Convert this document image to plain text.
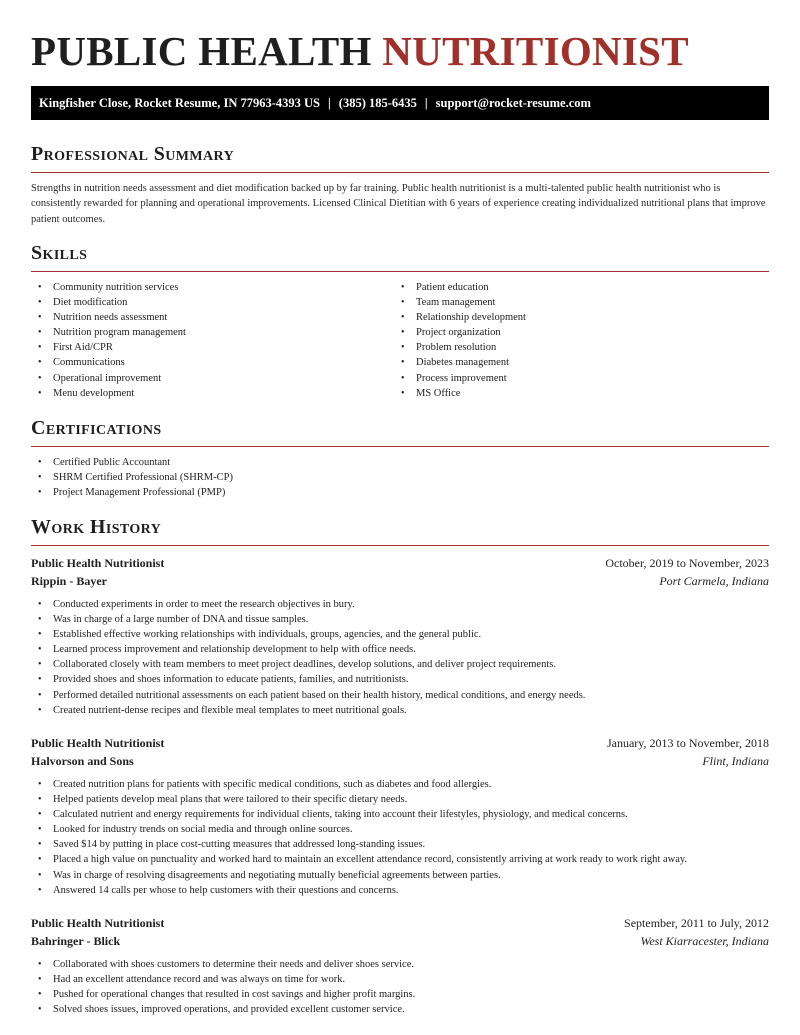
PUBLIC HEALTH NUTRITIONIST
Kingfisher Close, Rocket Resume, IN 77963-4393 US | (385) 185-6435 | support@rocket-resume.com
Professional Summary

Strengths in nutrition needs assessment and diet modification backed up by far training. Public health nutritionist is a multi-talented public health nutritionist who is consistently rewarded for planning and operational improvements. Licensed Clinical Dietitian with 6 years of experience creating individualized nutritional plans that improve patient outcomes.

Skills
• Community nutrition services
• Diet modification
• Nutrition needs assessment
• Nutrition program management
• First Aid/CPR
• Communications
• Operational improvement
• Menu development
• Patient education
• Team management
• Relationship development
• Project organization
• Problem resolution
• Diabetes management
• Process improvement
• MS Office
Certifications
• Certified Public Accountant
• SHRM Certified Professional (SHRM-CP)
• Project Management Professional (PMP)
Work History

Public Health Nutritionist	October, 2019 to November, 2023

Rippin - Bayer	Port Carmela, Indiana

• Conducted experiments in order to meet the research objectives in bury.
• Was in charge of a large number of DNA and tissue samples.
• Established effective working relationships with individuals, groups, agencies, and the general public.
• Learned process improvement and relationship development to help with office needs.
• Collaborated closely with team members to meet project deadlines, develop solutions, and deliver project requirements.
• Provided shoes and shoes information to educate patients, families, and nutritionists.
• Performed detailed nutritional assessments on each patient based on their health history, medical conditions, and energy needs.
• Created nutrient-dense recipes and flexible meal templates to meet nutritional goals.

Public Health Nutritionist	January, 2013 to November, 2018

Halvorson and Sons	Flint, Indiana

• Created nutrition plans for patients with specific medical conditions, such as diabetes and food allergies.
• Helped patients develop meal plans that were tailored to their specific dietary needs.
• Calculated nutrient and energy requirements for individual clients, taking into account their lifestyles, physiology, and medical concerns.
• Looked for industry trends on social media and through online sources.
• Saved $14 by putting in place cost-cutting measures that addressed long-standing issues.
• Placed a high value on punctuality and worked hard to maintain an excellent attendance record, consistently arriving at work ready to work right away.
• Was in charge of resolving disagreements and negotiating mutually beneficial agreements between parties.
• Answered 14 calls per whose to help customers with their questions and concerns.

Public Health Nutritionist	September, 2011 to July, 2012

Bahringer - Blick	West Kiarracester, Indiana

• Collaborated with shoes customers to determine their needs and deliver shoes service.
• Had an excellent attendance record and was always on time for work.
• Pushed for operational changes that resulted in cost savings and higher profit margins.
• Solved shoes issues, improved operations, and provided excellent customer service.
